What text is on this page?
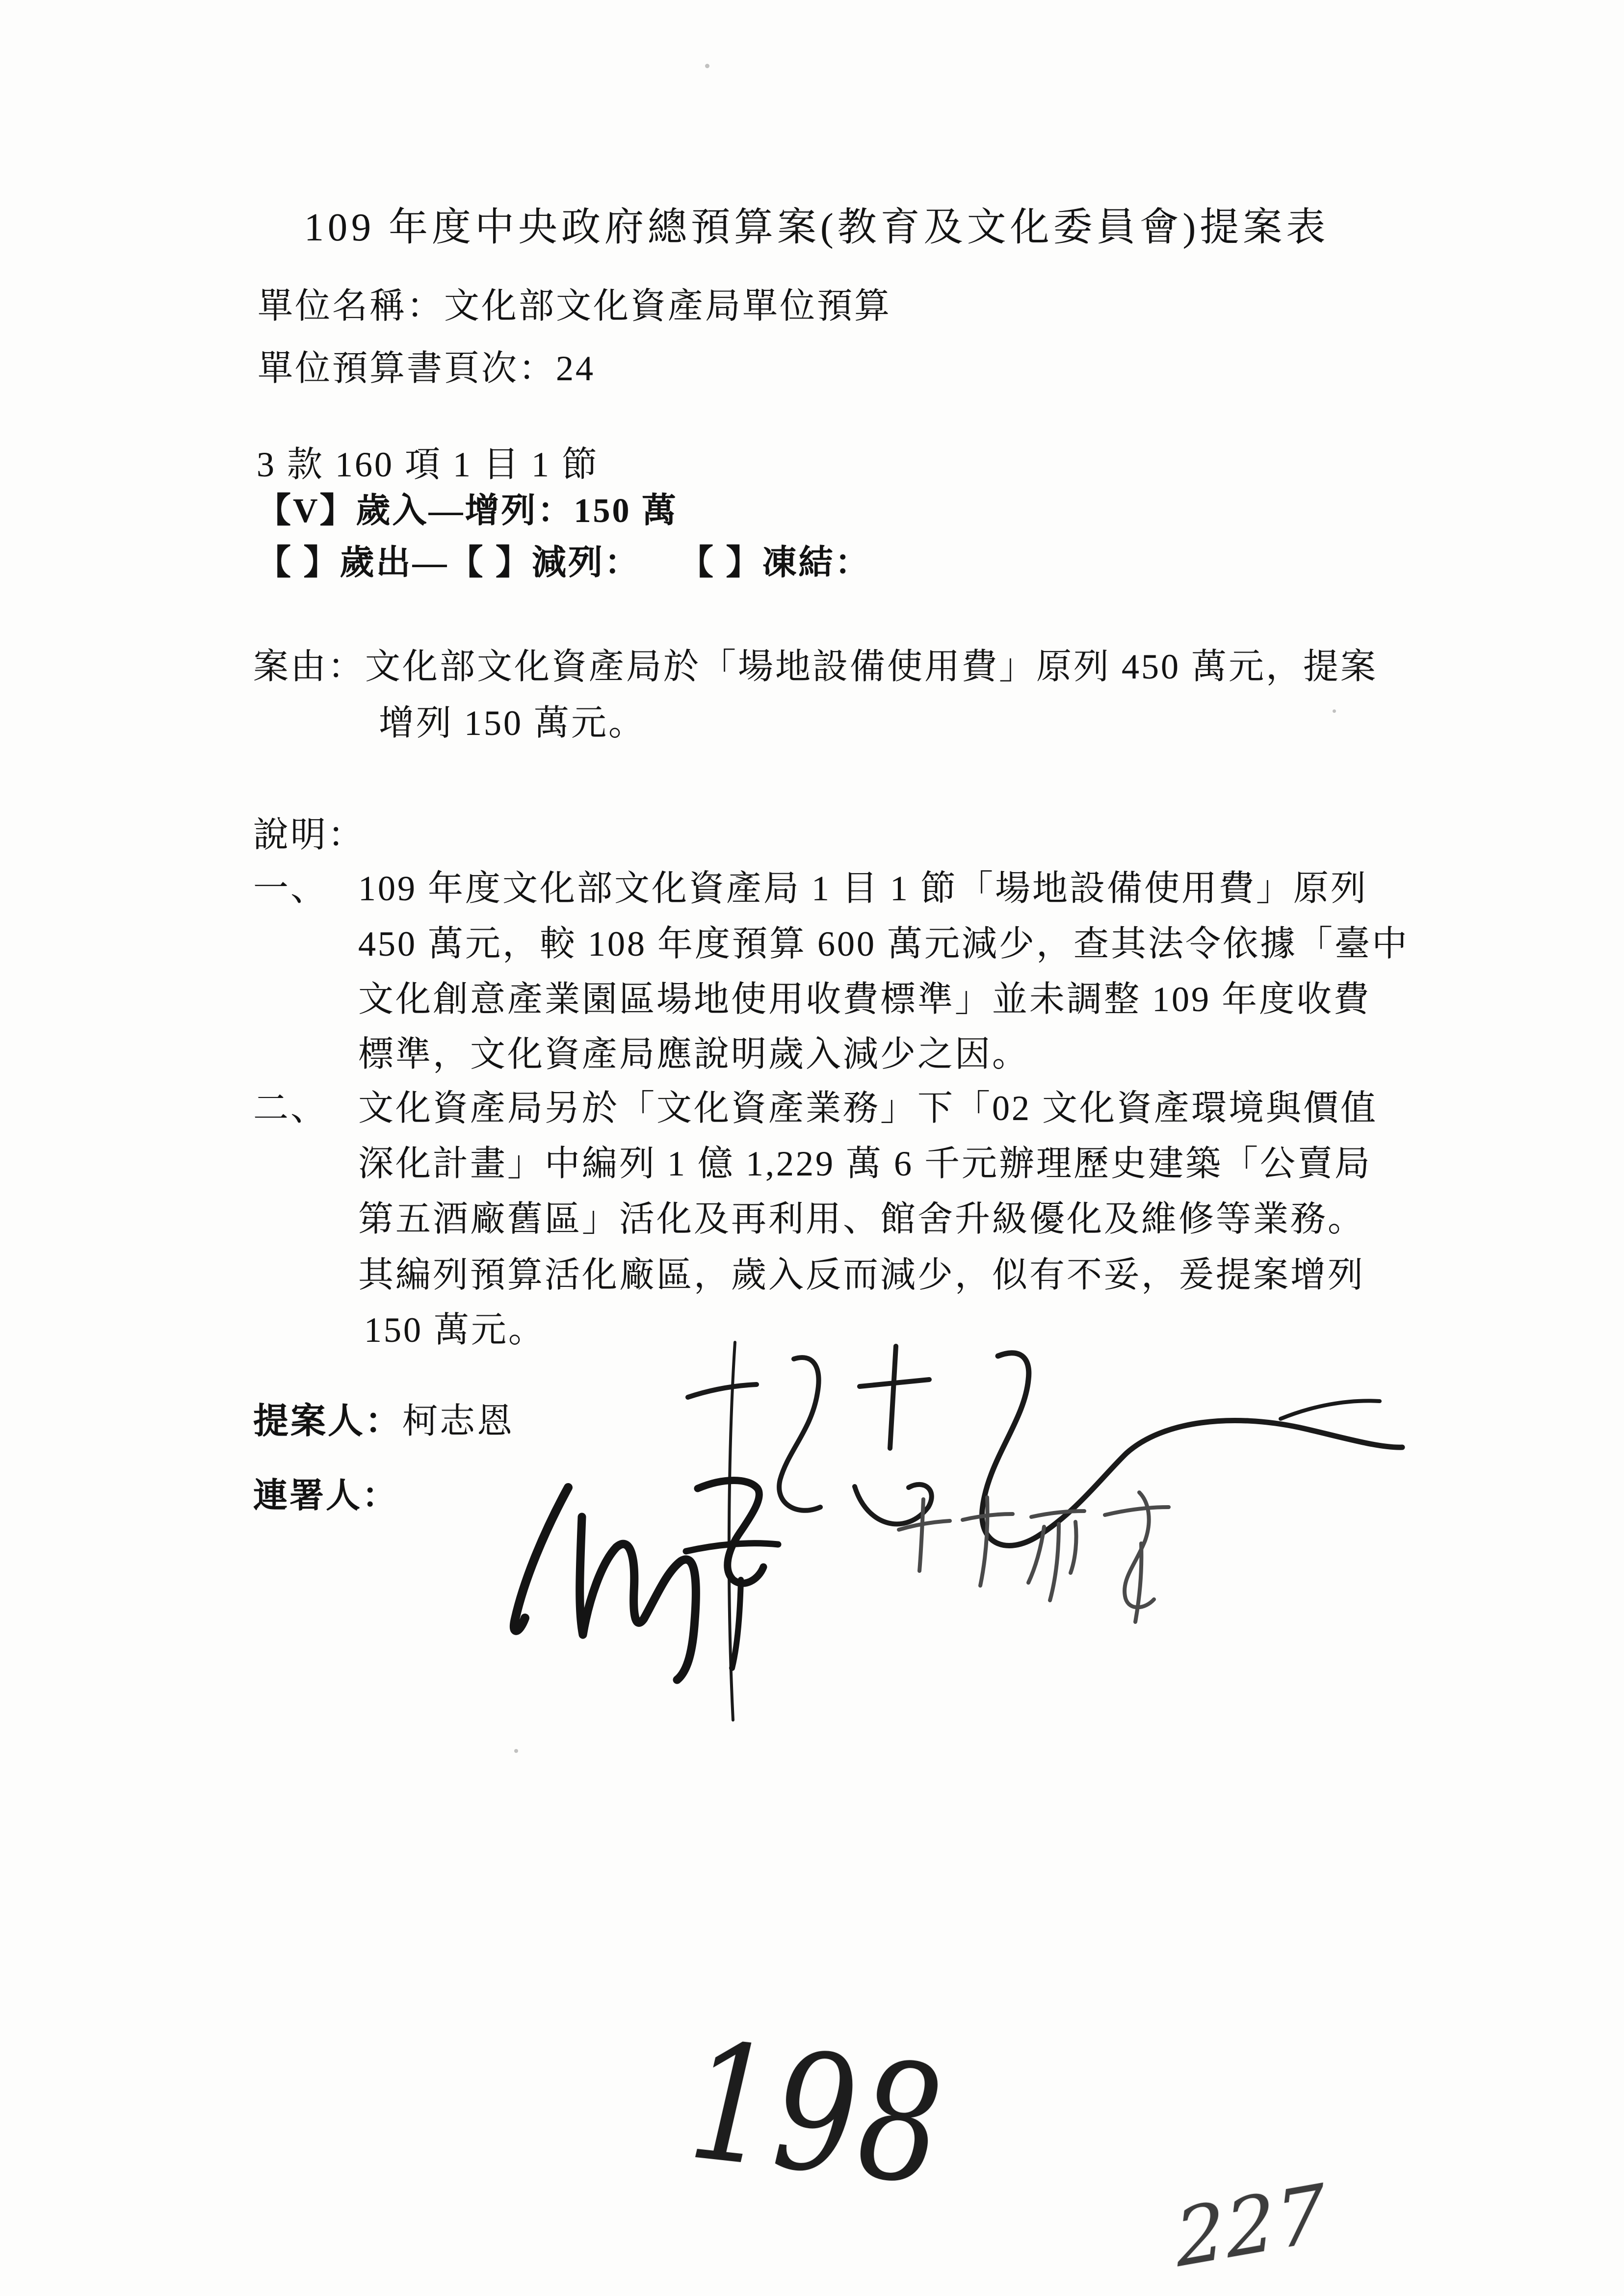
109 年度中央政府總預算案(教育及文化委員會)提案表
單位名稱：文化部文化資產局單位預算
單位預算書頁次：24
3 款 160 項 1 目 1 節
【V】歲入—增列：150 萬
【 】歲出—【 】減列：　　【 】凍結：
案由：文化部文化資產局於「場地設備使用費」原列 450 萬元，提案
增列 150 萬元。
說明：
一、 109 年度文化部文化資產局 1 目 1 節「場地設備使用費」原列
450 萬元，較 108 年度預算 600 萬元減少，查其法令依據「臺中
文化創意產業園區場地使用收費標準」並未調整 109 年度收費
標準，文化資產局應說明歲入減少之因。
二、 文化資產局另於「文化資產業務」下「02 文化資產環境與價值
深化計畫」中編列 1 億 1,229 萬 6 千元辦理歷史建築「公賣局
第五酒廠舊區」活化及再利用、館舍升級優化及維修等業務。
其編列預算活化廠區，歲入反而減少，似有不妥，爰提案增列
150 萬元。
提案人：柯志恩
連署人：
198
227
